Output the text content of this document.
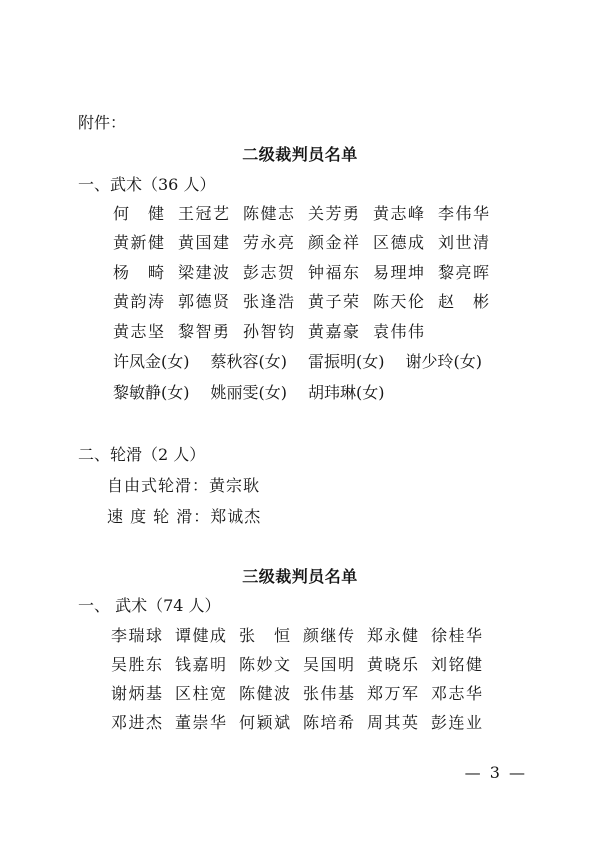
附件：
二级裁判员名单
一、武术（36 人）
何 健 王冠艺 陈健志 关芳勇 黄志峰 李伟华
黄新健 黄国建 劳永亮 颜金祥 区德成 刘世清
杨 畸 梁建波 彭志贺 钟福东 易理坤 黎亮晖
黄韵涛 郭德贤 张逢浩 黄子荣 陈天伦 赵 彬
黄志坚 黎智勇 孙智钧 黄嘉豪 袁伟伟
许凤金(女)	蔡秋容(女)	雷振明(女)	谢少玲(女)
黎敏静(女)	姚丽雯(女)	胡玮琳(女)
二、轮滑（2 人）
自由式轮滑：黄宗耿
速 度 轮 滑：郑诚杰
三级裁判员名单
一、 武术（74 人）
李瑞球 谭健成 张 恒 颜继传 郑永健 徐桂华
吴胜东 钱嘉明 陈妙文 吴国明 黄晓乐 刘铭健
谢炳基 区柱宽 陈健波 张伟基 郑万军 邓志华
邓进杰 董崇华 何颖斌 陈培希 周其英 彭连业
— 3 —
